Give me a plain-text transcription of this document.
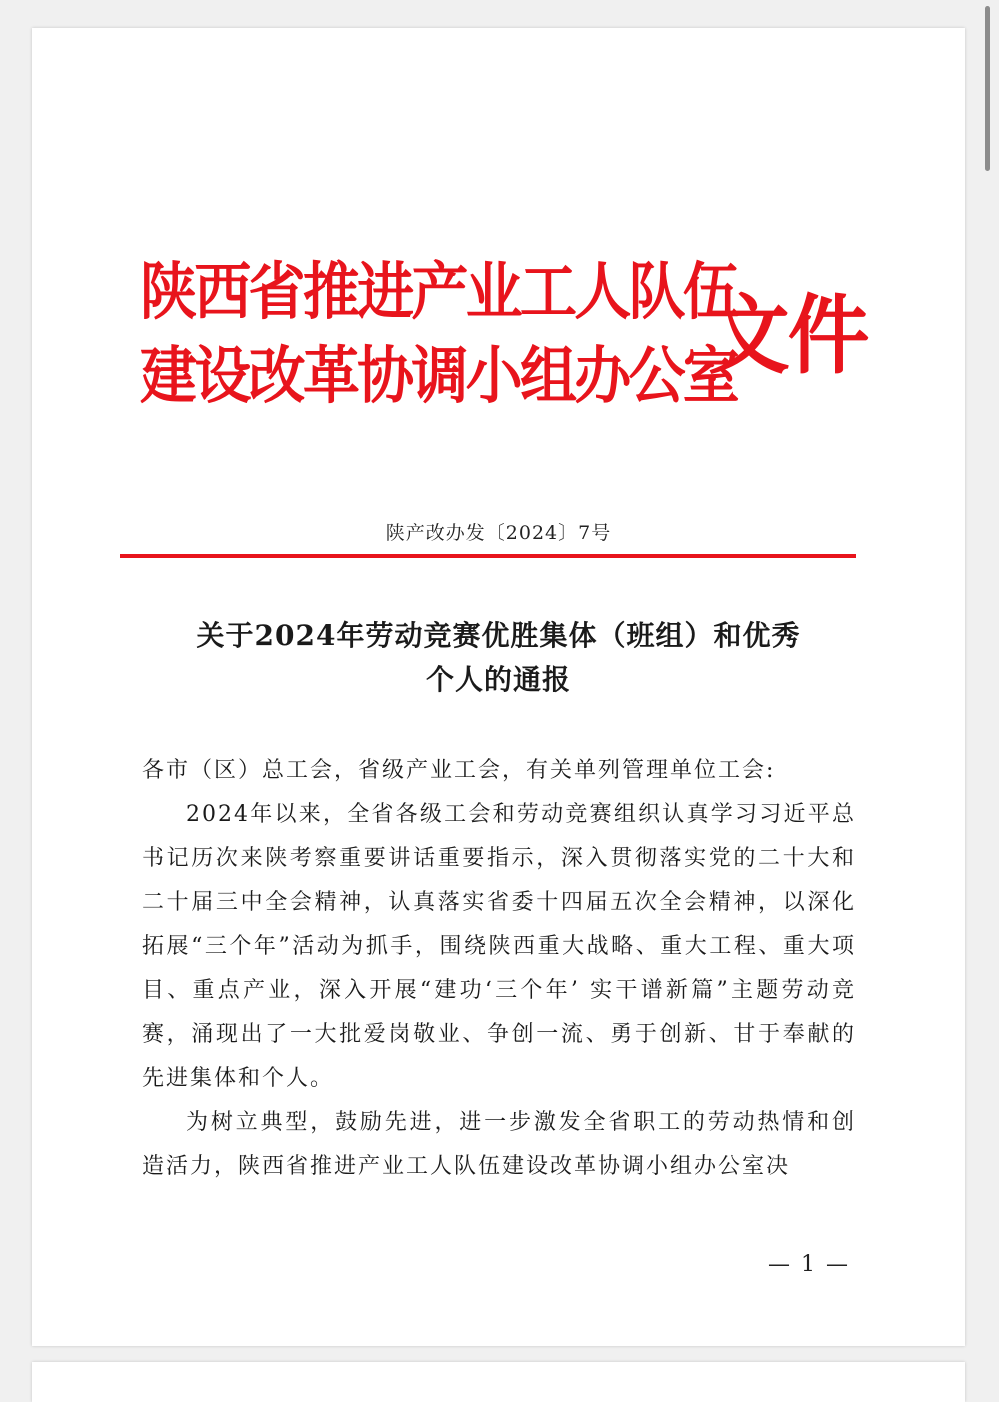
陕西省推进产业工人队伍
建设改革协调小组办公室
文件
陕产改办发〔2024〕7号
关于2024年劳动竞赛优胜集体（班组）和优秀
个人的通报

各市（区）总工会，省级产业工会，有关单列管理单位工会:

2024年以来，全省各级工会和劳动竞赛组织认真学习习近平总书记历次来陕考察重要讲话重要指示，深入贯彻落实党的二十大和二十届三中全会精神，认真落实省委十四届五次全会精神，以深化拓展“三个年”活动为抓手，围绕陕西重大战略、重大工程、重大项目、重点产业，深入开展“建功‘三个年’ 实干谱新篇”主题劳动竞赛，涌现出了一大批爱岗敬业、争创一流、勇于创新、甘于奉献的先进集体和个人。

为树立典型，鼓励先进，进一步激发全省职工的劳动热情和创造活力，陕西省推进产业工人队伍建设改革协调小组办公室决

— 1 —
